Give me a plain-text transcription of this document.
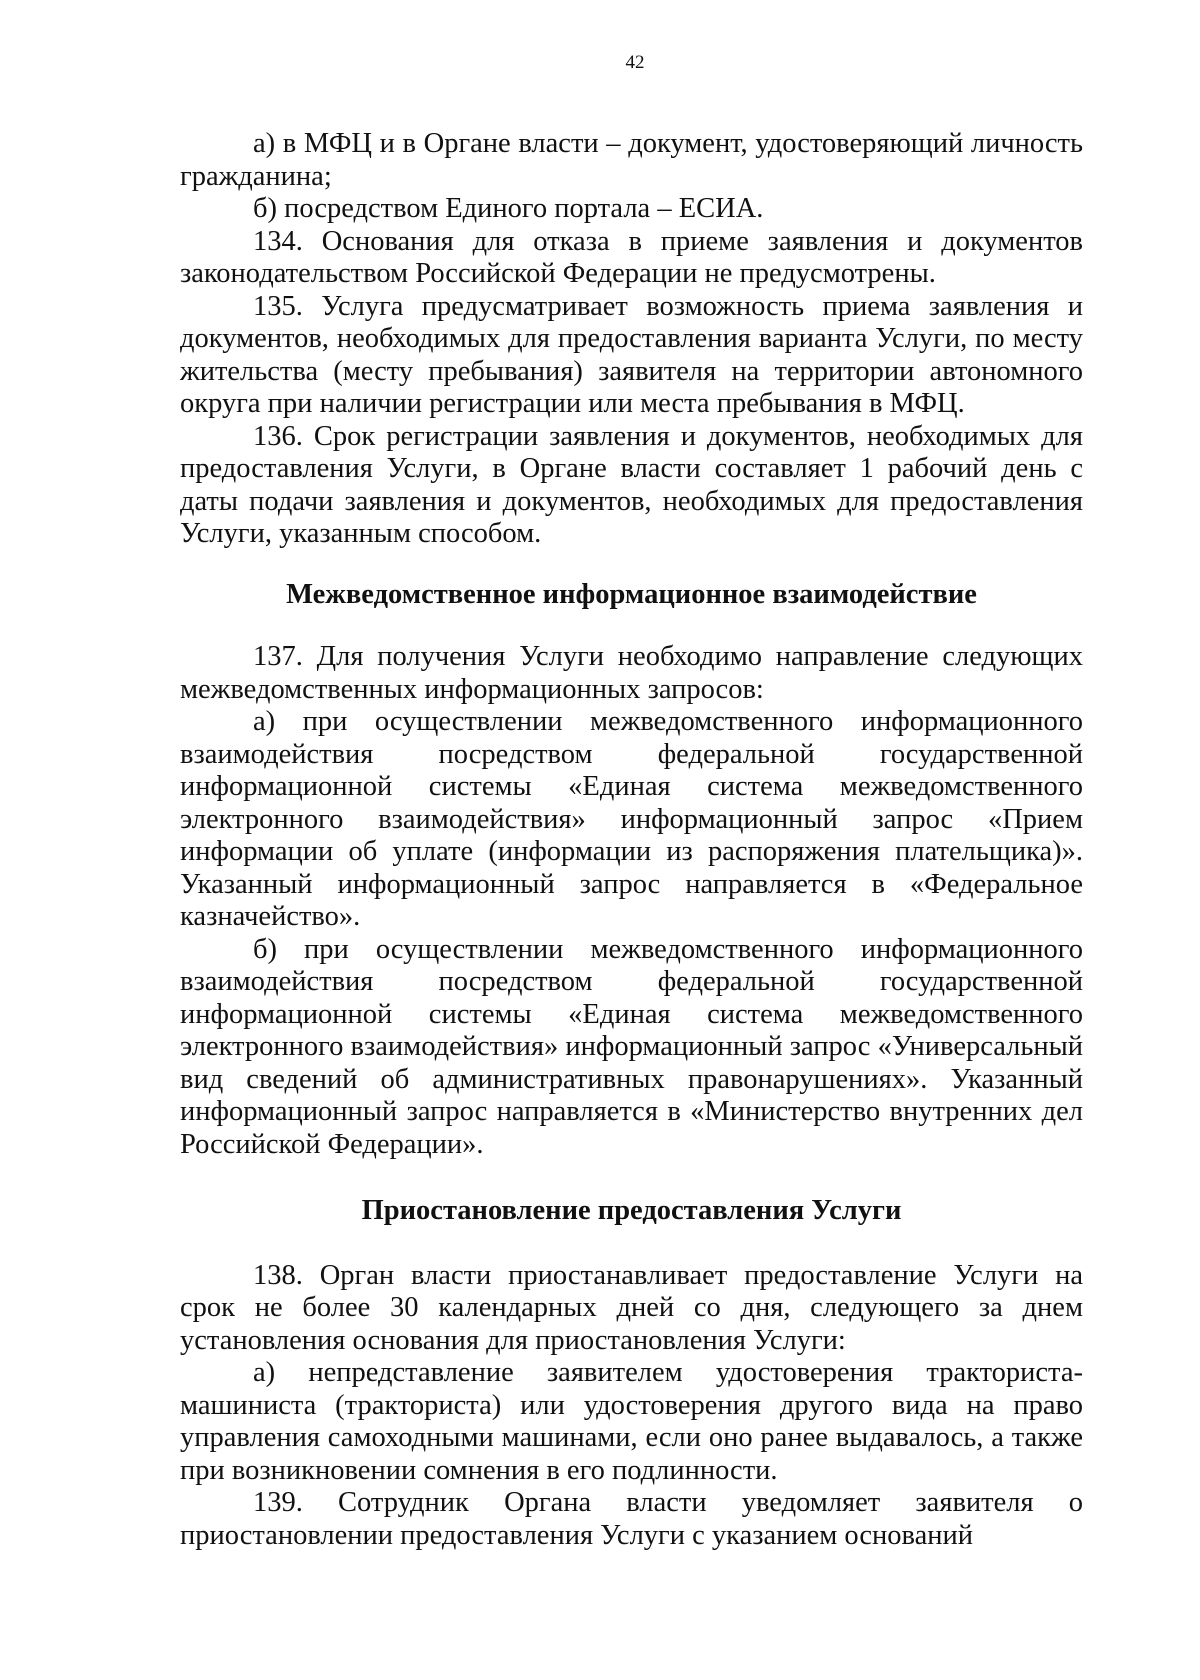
42

а) в МФЦ и в Органе власти – документ, удостоверяющий личность гражданина;

б) посредством Единого портала – ЕСИА.

134. Основания для отказа в приеме заявления и документов законодательством Российской Федерации не предусмотрены.

135. Услуга предусматривает возможность приема заявления и документов, необходимых для предоставления варианта Услуги, по месту жительства (месту пребывания) заявителя на территории автономного округа при наличии регистрации или места пребывания в МФЦ.

136. Срок регистрации заявления и документов, необходимых для предоставления Услуги, в Органе власти составляет 1 рабочий день с даты подачи заявления и документов, необходимых для предоставления Услуги, указанным способом.

Межведомственное информационное взаимодействие

137. Для получения Услуги необходимо направление следующих межведомственных информационных запросов:

а) при осуществлении межведомственного информационного взаимодействия посредством федеральной государственной информационной системы «Единая система межведомственного электронного взаимодействия» информационный запрос «Прием информации об уплате (информации из распоряжения плательщика)». Указанный информационный запрос направляется в «Федеральное казначейство».

б) при осуществлении межведомственного информационного взаимодействия посредством федеральной государственной информационной системы «Единая система межведомственного электронного взаимодействия» информационный запрос «Универсальный вид сведений об административных правонарушениях». Указанный информационный запрос направляется в «Министерство внутренних дел Российской Федерации».

Приостановление предоставления Услуги

138. Орган власти приостанавливает предоставление Услуги на срок не более 30 календарных дней со дня, следующего за днем установления основания для приостановления Услуги:

а) непредставление заявителем удостоверения тракториста-машиниста (тракториста) или удостоверения другого вида на право управления самоходными машинами, если оно ранее выдавалось, а также при возникновении сомнения в его подлинности.

139. Сотрудник Органа власти уведомляет заявителя о приостановлении предоставления Услуги с указанием оснований
